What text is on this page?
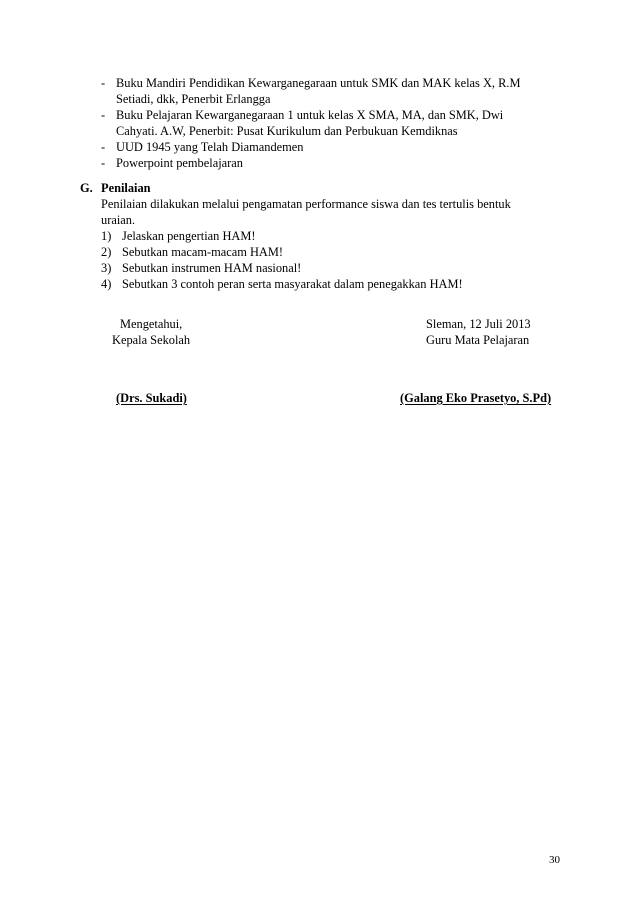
- Buku Mandiri Pendidikan Kewarganegaraan untuk SMK dan MAK kelas X, R.M
Setiadi, dkk, Penerbit Erlangga
- Buku Pelajaran Kewarganegaraan 1 untuk kelas X SMA, MA, dan SMK, Dwi
Cahyati. A.W, Penerbit: Pusat Kurikulum dan Perbukuan Kemdiknas
- UUD 1945 yang Telah Diamandemen
- Powerpoint pembelajaran
G. Penilaian
Penilaian dilakukan melalui pengamatan performance siswa dan tes tertulis bentuk
uraian.
1) Jelaskan pengertian HAM!
2) Sebutkan macam-macam HAM!
3) Sebutkan instrumen HAM nasional!
4) Sebutkan 3 contoh peran serta masyarakat dalam penegakkan HAM!
Mengetahui,
Kepala Sekolah
(Drs. Sukadi)
Sleman, 12 Juli 2013
Guru Mata Pelajaran
(Galang Eko Prasetyo, S.Pd)
30
